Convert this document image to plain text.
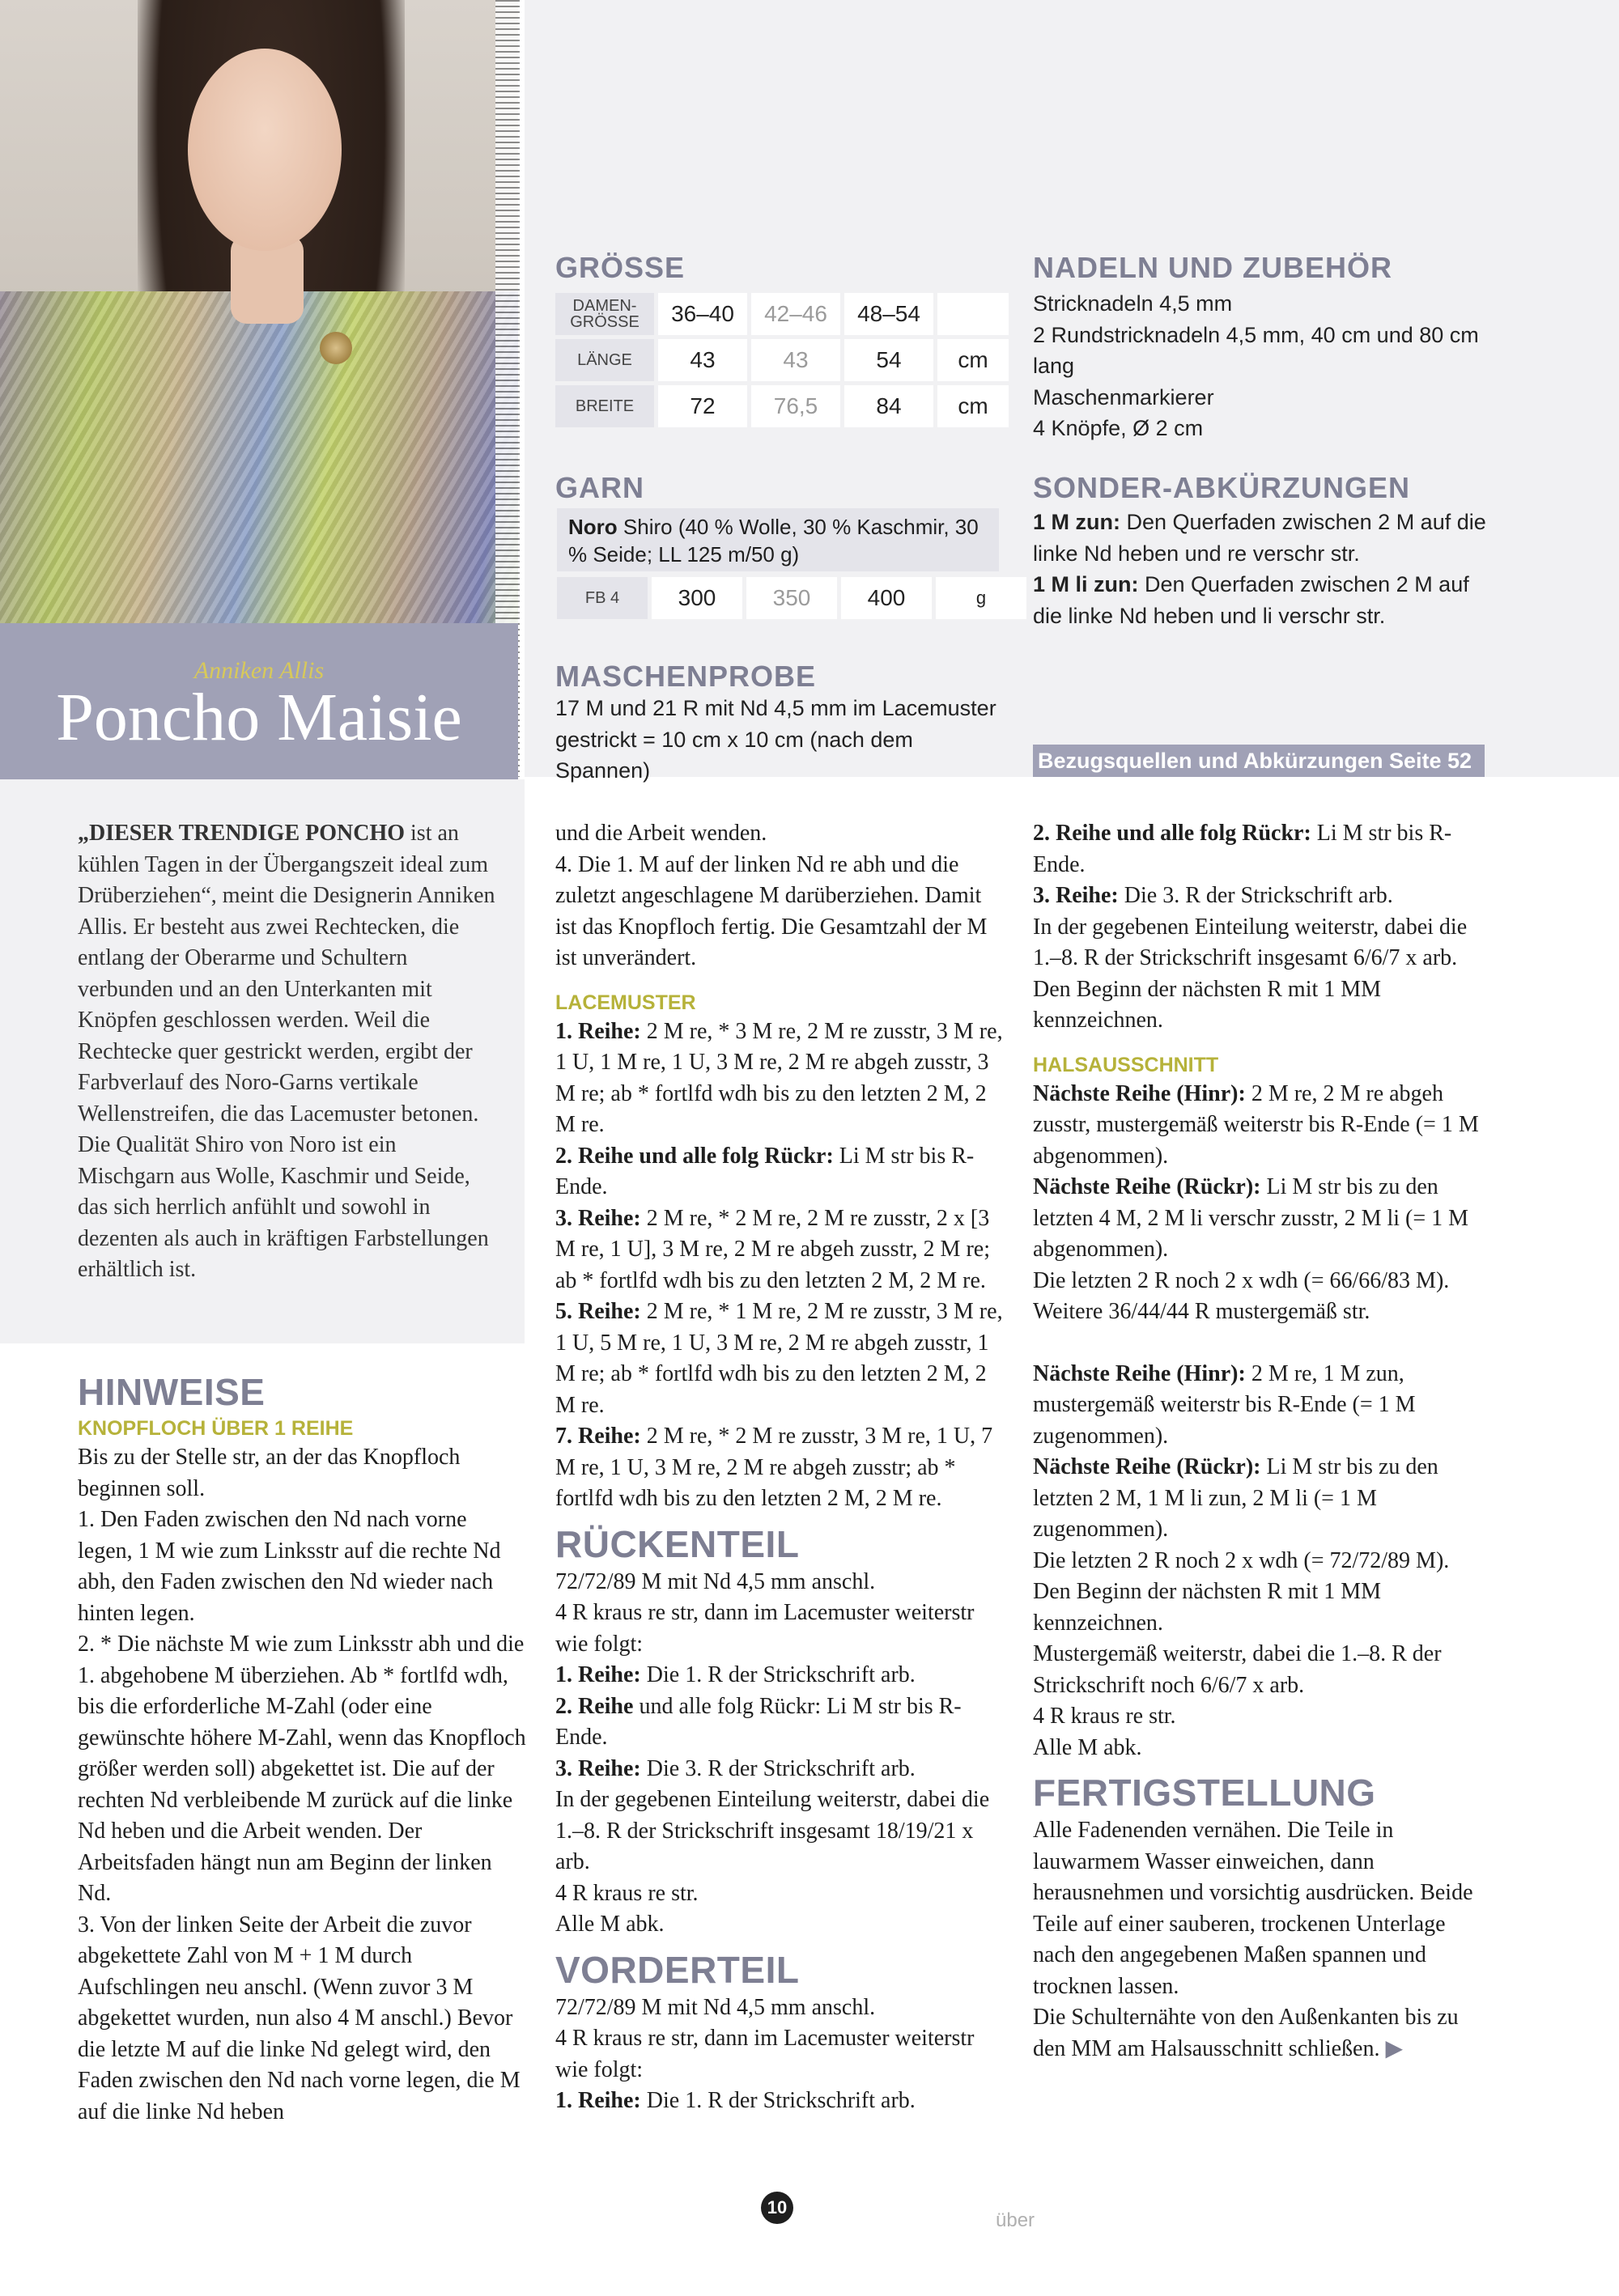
Anniken Allis
Poncho Maisie
GRÖSSE
DAMEN-GRÖSSE	36–40	42–46	48–54	
LÄNGE	43	43	54	cm
BREITE	72	76,5	84	cm
GARN
Noro Shiro (40 % Wolle, 30 % Kaschmir, 30 % Seide; LL 125 m/50 g)
FB 4	300	350	400	g
MASCHENPROBE
17 M und 21 R mit Nd 4,5 mm im Lacemuster gestrickt = 10 cm x 10 cm (nach dem Spannen)
NADELN UND ZUBEHÖR
Stricknadeln 4,5 mm
2 Rundstricknadeln 4,5 mm, 40 cm und 80 cm lang
Maschenmarkierer
4 Knöpfe, Ø 2 cm
SONDER-ABKÜRZUNGEN
1 M zun: Den Querfaden zwischen 2 M auf die linke Nd heben und re verschr str.
1 M li zun: Den Querfaden zwischen 2 M auf die linke Nd heben und li verschr str.
Bezugsquellen und Abkürzungen Seite 52
„DIESER TRENDIGE PONCHO ist an kühlen Tagen in der Übergangszeit ideal zum Drüberziehen“, meint die Designerin Anniken Allis. Er besteht aus zwei Rechtecken, die entlang der Oberarme und Schultern verbunden und an den Unterkanten mit Knöpfen geschlossen werden. Weil die Rechtecke quer gestrickt werden, ergibt der Farbverlauf des Noro-Garns vertikale Wellenstreifen, die das Lacemuster betonen. Die Qualität Shiro von Noro ist ein Mischgarn aus Wolle, Kaschmir und Seide, das sich herrlich anfühlt und sowohl in dezenten als auch in kräftigen Farbstellungen erhältlich ist.

HINWEISE

KNOPFLOCH ÜBER 1 REIHE

Bis zu der Stelle str, an der das Knopfloch beginnen soll.

1. Den Faden zwischen den Nd nach vorne legen, 1 M wie zum Linksstr auf die rechte Nd abh, den Faden zwischen den Nd wieder nach hinten legen.

2. * Die nächste M wie zum Linksstr abh und die 1. abgehobene M überziehen. Ab * fortlfd wdh, bis die erforderliche M-Zahl (oder eine gewünschte höhere M-Zahl, wenn das Knopfloch größer werden soll) abgekettet ist. Die auf der rechten Nd verbleibende M zurück auf die linke Nd heben und die Arbeit wenden. Der Arbeitsfaden hängt nun am Beginn der linken Nd.

3. Von der linken Seite der Arbeit die zuvor abgekettete Zahl von M + 1 M durch Aufschlingen neu anschl. (Wenn zuvor 3 M abgekettet wurden, nun also 4 M anschl.) Bevor die letzte M auf die linke Nd gelegt wird, den Faden zwischen den Nd nach vorne legen, die M auf die linke Nd heben

und die Arbeit wenden.

4. Die 1. M auf der linken Nd re abh und die zuletzt angeschlagene M darüberziehen. Damit ist das Knopfloch fertig. Die Gesamtzahl der M ist unverändert.

LACEMUSTER

1. Reihe: 2 M re, * 3 M re, 2 M re zusstr, 3 M re, 1 U, 1 M re, 1 U, 3 M re, 2 M re abgeh zusstr, 3 M re; ab * fortlfd wdh bis zu den letzten 2 M, 2 M re.

2. Reihe und alle folg Rückr: Li M str bis R-Ende.

3. Reihe: 2 M re, * 2 M re, 2 M re zusstr, 2 x [3 M re, 1 U], 3 M re, 2 M re abgeh zusstr, 2 M re; ab * fortlfd wdh bis zu den letzten 2 M, 2 M re.

5. Reihe: 2 M re, * 1 M re, 2 M re zusstr, 3 M re, 1 U, 5 M re, 1 U, 3 M re, 2 M re abgeh zusstr, 1 M re; ab * fortlfd wdh bis zu den letzten 2 M, 2 M re.

7. Reihe: 2 M re, * 2 M re zusstr, 3 M re, 1 U, 7 M re, 1 U, 3 M re, 2 M re abgeh zusstr; ab * fortlfd wdh bis zu den letzten 2 M, 2 M re.

RÜCKENTEIL

72/72/89 M mit Nd 4,5 mm anschl.

4 R kraus re str, dann im Lacemuster weiterstr wie folgt:

1. Reihe: Die 1. R der Strickschrift arb.

2. Reihe und alle folg Rückr: Li M str bis R-Ende.

3. Reihe: Die 3. R der Strickschrift arb.

In der gegebenen Einteilung weiterstr, dabei die 1.–8. R der Strickschrift insgesamt 18/19/21 x arb.

4 R kraus re str.

Alle M abk.

VORDERTEIL

72/72/89 M mit Nd 4,5 mm anschl.

4 R kraus re str, dann im Lacemuster weiterstr wie folgt:

1. Reihe: Die 1. R der Strickschrift arb.

2. Reihe und alle folg Rückr: Li M str bis R-Ende.

3. Reihe: Die 3. R der Strickschrift arb.

In der gegebenen Einteilung weiterstr, dabei die 1.–8. R der Strickschrift insgesamt 6/6/7 x arb.

Den Beginn der nächsten R mit 1 MM kennzeichnen.

HALSAUSSCHNITT

Nächste Reihe (Hinr): 2 M re, 2 M re abgeh zusstr, mustergemäß weiterstr bis R-Ende (= 1 M abgenommen).

Nächste Reihe (Rückr): Li M str bis zu den letzten 4 M, 2 M li verschr zusstr, 2 M li (= 1 M abgenommen).

Die letzten 2 R noch 2 x wdh (= 66/66/83 M). Weitere 36/44/44 R mustergemäß str.

Nächste Reihe (Hinr): 2 M re, 1 M zun, mustergemäß weiterstr bis R-Ende (= 1 M zugenommen).

Nächste Reihe (Rückr): Li M str bis zu den letzten 2 M, 1 M li zun, 2 M li (= 1 M zugenommen).

Die letzten 2 R noch 2 x wdh (= 72/72/89 M). Den Beginn der nächsten R mit 1 MM kennzeichnen.

Mustergemäß weiterstr, dabei die 1.–8. R der Strickschrift noch 6/6/7 x arb.

4 R kraus re str.

Alle M abk.

FERTIGSTELLUNG

Alle Fadenenden vernähen. Die Teile in lauwarmem Wasser einweichen, dann herausnehmen und vorsichtig ausdrücken. Beide Teile auf einer sauberen, trockenen Unterlage nach den angegebenen Maßen spannen und trocknen lassen.

Die Schulternähte von den Außenkanten bis zu den MM am Halsausschnitt schließen. ▶

10
über
